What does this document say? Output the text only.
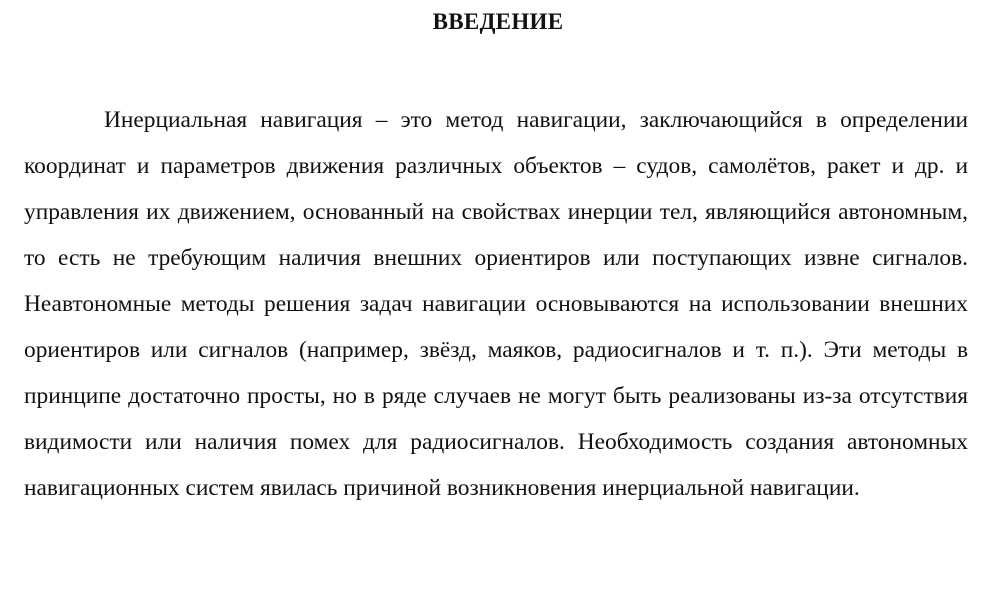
ВВЕДЕНИЕ

Инерциальная навигация – это метод навигации, заключающийся в определении координат и параметров движения различных объектов – судов, самолётов, ракет и др. и управления их движением, основанный на свойствах инерции тел, являющийся автономным, то есть не требующим наличия внешних ориентиров или поступающих извне сигналов. Неавтономные методы решения задач навигации основываются на использовании внешних ориентиров или сигналов (например, звёзд, маяков, радиосигналов и т. п.). Эти методы в принципе достаточно просты, но в ряде случаев не могут быть реализованы из-за отсутствия видимости или наличия помех для радиосигналов. Необходимость создания автономных навигационных систем явилась причиной возникновения инерциальной навигации.
